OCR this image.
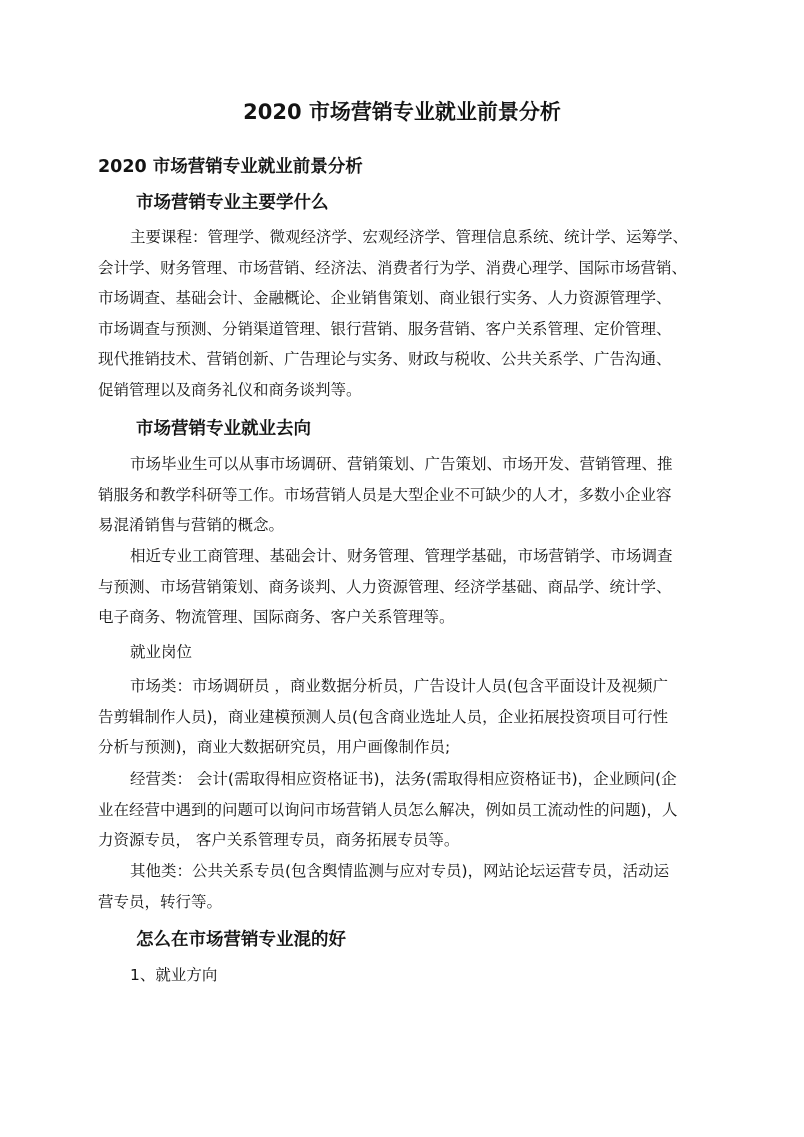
2020 市场营销专业就业前景分析
2020 市场营销专业就业前景分析
市场营销专业主要学什么
主要课程：管理学、微观经济学、宏观经济学、管理信息系统、统计学、运筹学、
会计学、财务管理、市场营销、经济法、消费者行为学、消费心理学、国际市场营销、
市场调查、基础会计、金融概论、企业销售策划、商业银行实务、人力资源管理学、
市场调查与预测、分销渠道管理、银行营销、服务营销、客户关系管理、定价管理、
现代推销技术、营销创新、广告理论与实务、财政与税收、公共关系学、广告沟通、
促销管理以及商务礼仪和商务谈判等。
市场营销专业就业去向
市场毕业生可以从事市场调研、营销策划、广告策划、市场开发、营销管理、推
销服务和教学科研等工作。市场营销人员是大型企业不可缺少的人才，多数小企业容
易混淆销售与营销的概念。
相近专业工商管理、基础会计、财务管理、管理学基础，市场营销学、市场调查
与预测、市场营销策划、商务谈判、人力资源管理、经济学基础、商品学、统计学、
电子商务、物流管理、国际商务、客户关系管理等。
就业岗位
市场类：市场调研员 ，商业数据分析员，广告设计人员(包含平面设计及视频广
告剪辑制作人员)，商业建模预测人员(包含商业选址人员，企业拓展投资项目可行性
分析与预测)，商业大数据研究员，用户画像制作员;
经营类： 会计(需取得相应资格证书)，法务(需取得相应资格证书)，企业顾问(企
业在经营中遇到的问题可以询问市场营销人员怎么解决，例如员工流动性的问题)，人
力资源专员， 客户关系管理专员，商务拓展专员等。
其他类：公共关系专员(包含舆情监测与应对专员)，网站论坛运营专员，活动运
营专员，转行等。
怎么在市场营销专业混的好
1、就业方向
